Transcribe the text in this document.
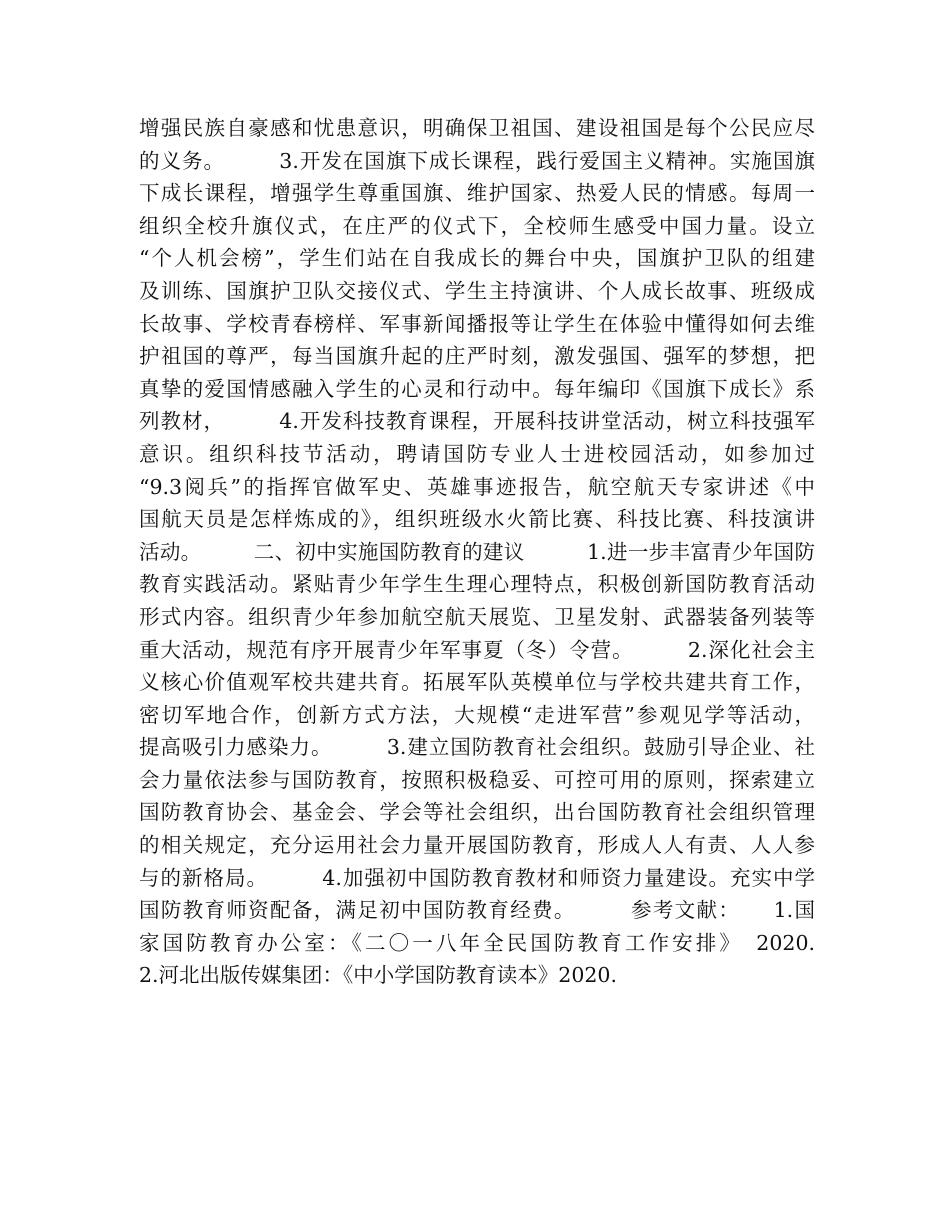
增强民族自豪感和忧患意识，明确保卫祖国、建设祖国是每个公民应尽
的义务。　　　3.开发在国旗下成长课程，践行爱国主义精神。实施国旗
下成长课程，增强学生尊重国旗、维护国家、热爱人民的情感。每周一
组织全校升旗仪式，在庄严的仪式下，全校师生感受中国力量。设立
“个人机会榜”，学生们站在自我成长的舞台中央，国旗护卫队的组建
及训练、国旗护卫队交接仪式、学生主持演讲、个人成长故事、班级成
长故事、学校青春榜样、军事新闻播报等让学生在体验中懂得如何去维
护祖国的尊严，每当国旗升起的庄严时刻，激发强国、强军的梦想，把
真挚的爱国情感融入学生的心灵和行动中。每年编印《国旗下成长》系
列教材，　　　4.开发科技教育课程，开展科技讲堂活动，树立科技强军
意识。组织科技节活动，聘请国防专业人士进校园活动，如参加过
“9.3阅兵”的指挥官做军史、英雄事迹报告，航空航天专家讲述《中
国航天员是怎样炼成的》，组织班级水火箭比赛、科技比赛、科技演讲
活动。　　　二、初中实施国防教育的建议　　　1.进一步丰富青少年国防
教育实践活动。紧贴青少年学生生理心理特点，积极创新国防教育活动
形式内容。组织青少年参加航空航天展览、卫星发射、武器装备列装等
重大活动，规范有序开展青少年军事夏（冬）令营。　　　2.深化社会主
义核心价值观军校共建共育。拓展军队英模单位与学校共建共育工作，
密切军地合作，创新方式方法，大规模“走进军营”参观见学等活动，
提高吸引力感染力。　　　3.建立国防教育社会组织。鼓励引导企业、社
会力量依法参与国防教育，按照积极稳妥、可控可用的原则，探索建立
国防教育协会、基金会、学会等社会组织，出台国防教育社会组织管理
的相关规定，充分运用社会力量开展国防教育，形成人人有责、人人参
与的新格局。　　　4.加强初中国防教育教材和师资力量建设。充实中学
国防教育师资配备，满足初中国防教育经费。　　　参考文献：　　1.国
家国防教育办公室：《二〇一八年全民国防教育工作安排》　2020.
2.河北出版传媒集团：《中小学国防教育读本》2020.
